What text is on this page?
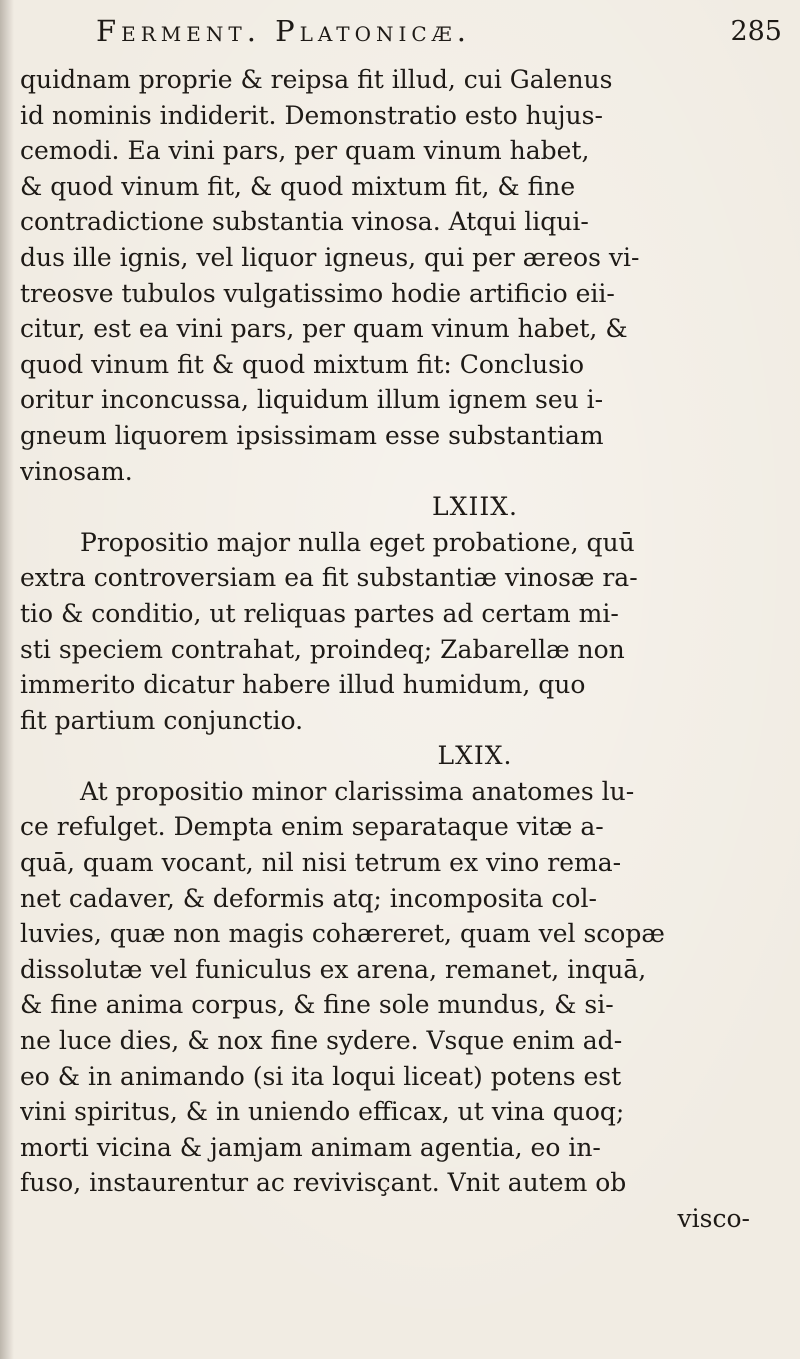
Ferment. Platonicæ.	285
quidnam proprie & reipsa fit illud, cui Galenus
id nominis indiderit. Demonstratio esto hujus-
cemodi. Ea vini pars, per quam vinum habet,
& quod vinum fit, & quod mixtum fit, & fine
contradictione substantia vinosa. Atqui liqui-
dus ille ignis, vel liquor igneus, qui per æreos vi-
treosve tubulos vulgatissimo hodie artificio eii-
citur, est ea vini pars, per quam vinum habet, &
quod vinum fit & quod mixtum fit: Conclusio
oritur inconcussa, liquidum illum ignem seu i-
gneum liquorem ipsissimam esse substantiam
vinosam.
LXIIX.
Propositio major nulla eget probatione, quū
extra controversiam ea fit substantiæ vinosæ ra-
tio & conditio, ut reliquas partes ad certam mi-
sti speciem contrahat, proindeq; Zabarellæ non
immerito dicatur habere illud humidum, quo
fit partium conjunctio.
LXIX.
At propositio minor clarissima anatomes lu-
ce refulget. Dempta enim separataque vitæ a-
quā, quam vocant, nil nisi tetrum ex vino rema-
net cadaver, & deformis atq; incomposita col-
luvies, quæ non magis cohæreret, quam vel scopæ
dissolutæ vel funiculus ex arena, remanet, inquā,
& fine anima corpus, & fine sole mundus, & si-
ne luce dies, & nox fine sydere. Vsque enim ad-
eo & in animando (si ita loqui liceat) potens est
vini spiritus, & in uniendo efficax, ut vina quoq;
morti vicina & jamjam animam agentia, eo in-
fuso, instaurentur ac revivisçant. Vnit autem ob
visco-
